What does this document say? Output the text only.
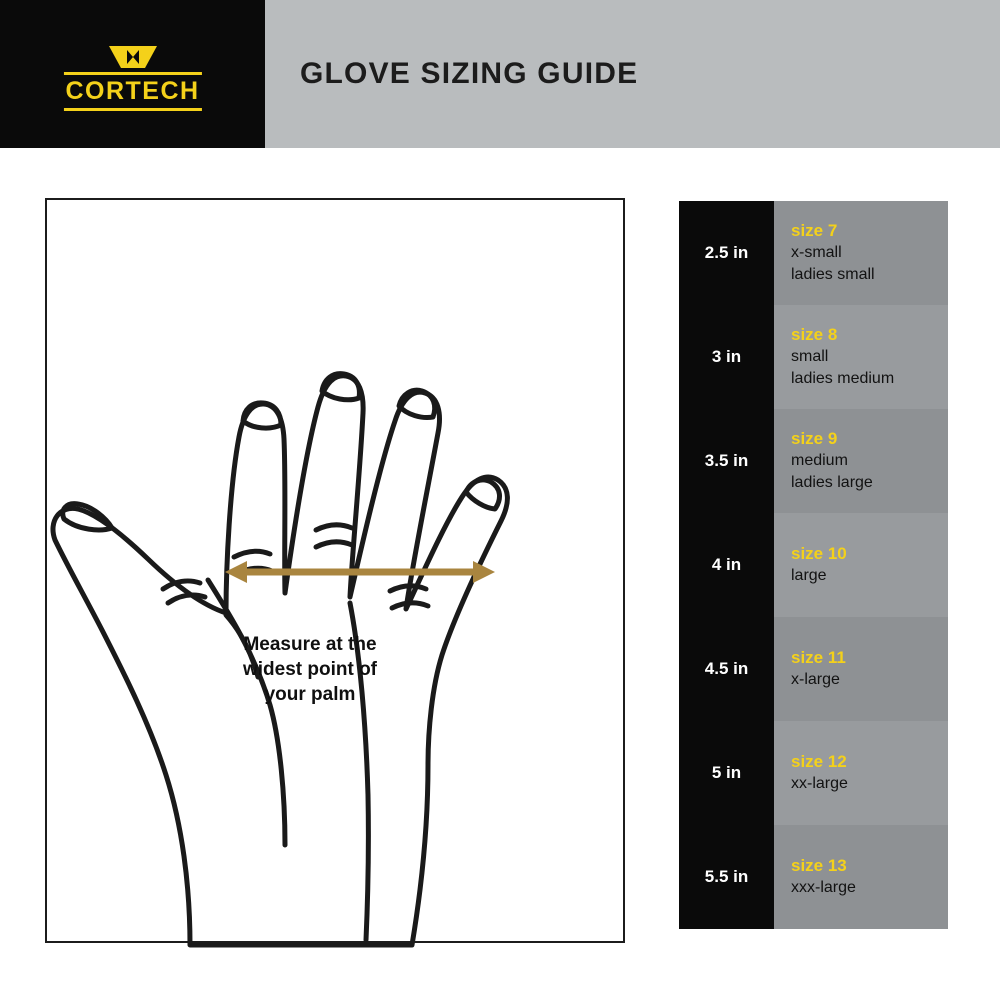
CORTECH
GLOVE SIZING GUIDE
Measure at the
widest point of
your palm
2.5 in	size 7
x-small
ladies small

3 in	size 8
small
ladies medium

3.5 in	size 9
medium
ladies large

4 in	size 10
large

4.5 in	size 11
x-large

5 in	size 12
xx-large

5.5 in	size 13
xxx-large
